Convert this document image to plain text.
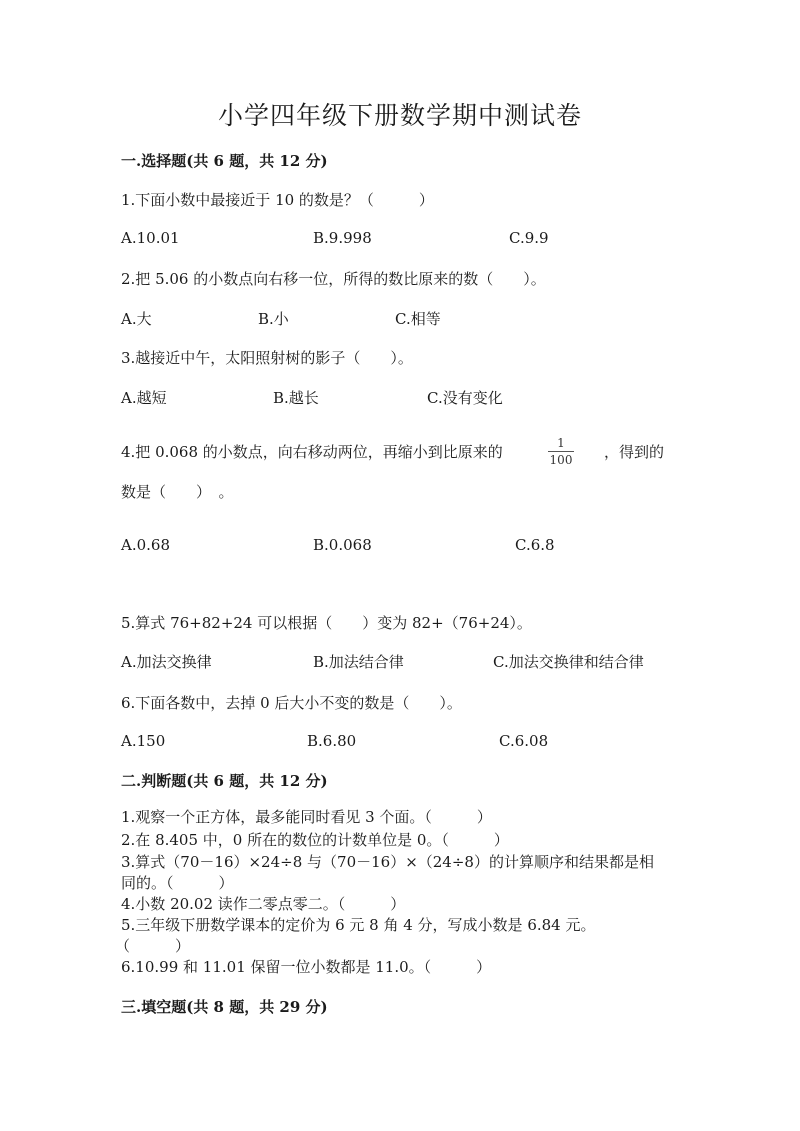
小学四年级下册数学期中测试卷
一.选择题(共 6 题，共 12 分)
1.下面小数中最接近于 10 的数是？（　　　）
A.10.01	B.9.998	C.9.9
2.把 5.06 的小数点向右移一位，所得的数比原来的数（　　）。
A.大	B.小	C.相等
3.越接近中午，太阳照射树的影子（　　）。
A.越短	B.越长	C.没有变化
4.把 0.068 的小数点，向右移动两位，再缩小到比原来的	$\frac{1}{100}$ ，得到的
数是（　　）　。
A.0.68	B.0.068	C.6.8
5.算式 76+82+24 可以根据（　　）变为 82+（76+24）。
A.加法交换律	B.加法结合律	C.加法交换律和结合律
6.下面各数中，去掉 0 后大小不变的数是（　　）。
A.150	B.6.80	C.6.08
二.判断题(共 6 题，共 12 分)
1.观察一个正方体，最多能同时看见 3 个面。（　　　）
2.在 8.405 中，0 所在的数位的计数单位是 0。（　　　）
3.算式（70－16）×24÷8 与（70－16）×（24÷8）的计算顺序和结果都是相
同的。（　　　）
4.小数 20.02 读作二零点零二。（　　　）
5.三年级下册数学课本的定价为 6 元 8 角 4 分，写成小数是 6.84 元。
（　　　）
6.10.99 和 11.01 保留一位小数都是 11.0。（　　　）
三.填空题(共 8 题，共 29 分)
